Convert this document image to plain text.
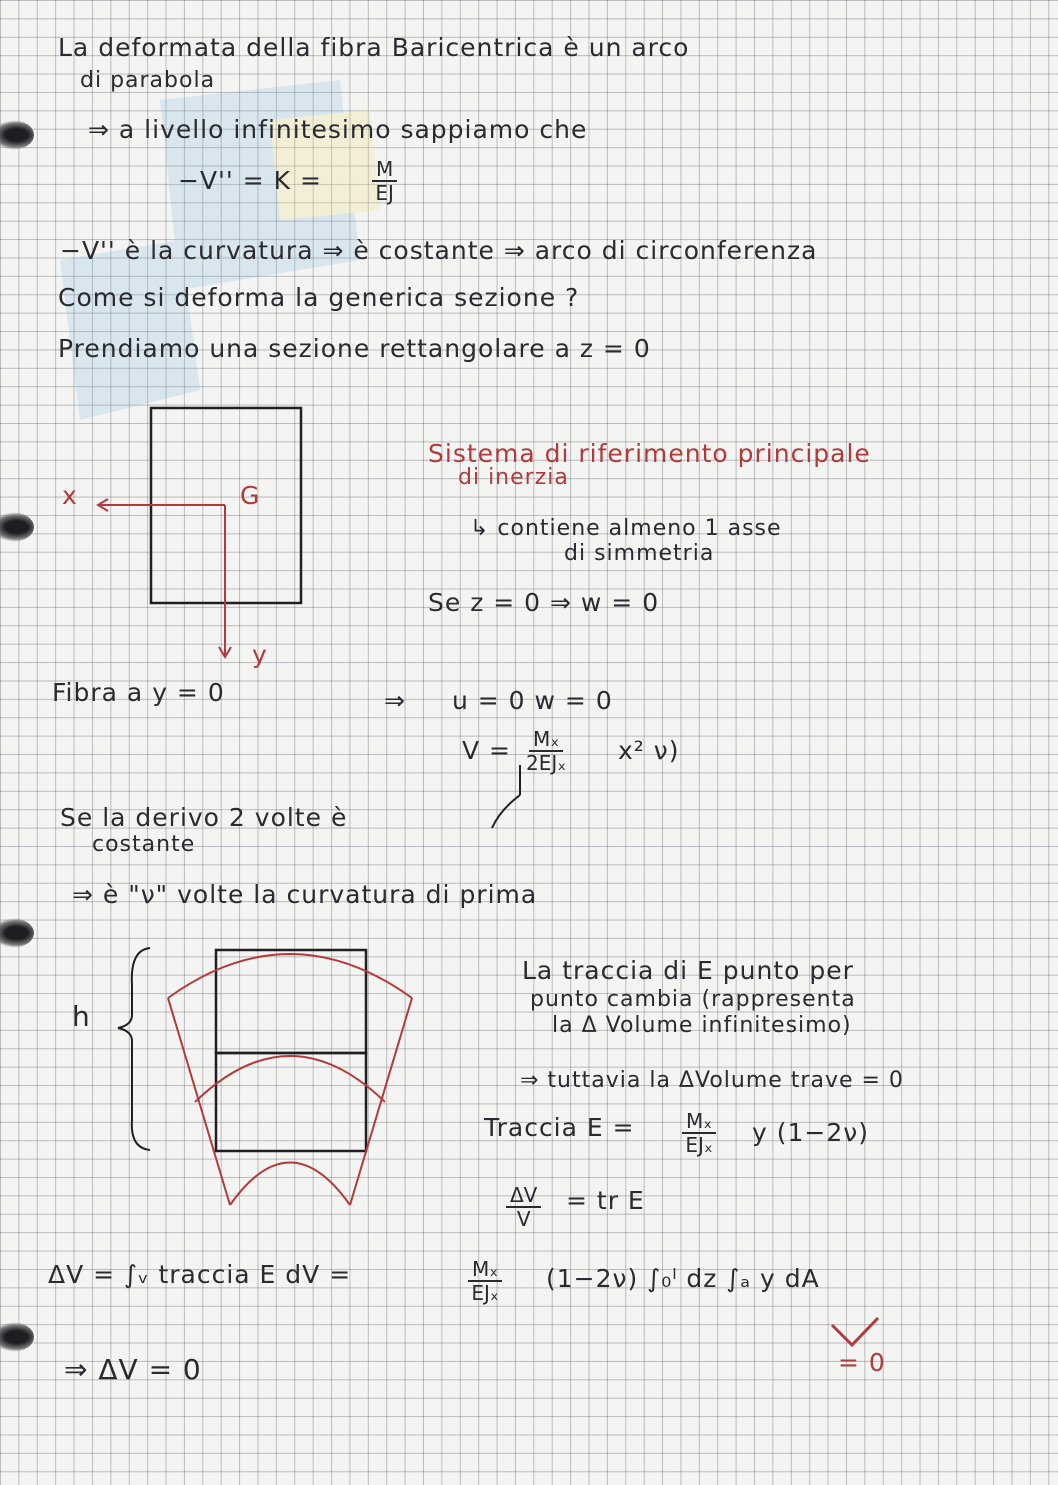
La deformata della fibra Baricentrica è un arco
di parabola
⇒ a livello infinitesimo sappiamo che
−V'' = K =	$\frac{M}{EJ}$
−V'' è la curvatura ⇒ è costante ⇒ arco di circonferenza
Come si deforma la generica sezione ?
Prendiamo una sezione rettangolare a z = 0
x	G
y
Sistema di riferimento principale
di inerzia
↳ contiene almeno 1 asse
di simmetria
Se z = 0 ⇒ w = 0
Fibra a y = 0	⇒ u = 0 w = 0
V = Mₓ
2EJₓ x² ν)
Se la derivo 2 volte è
costante
⇒ è "ν" volte la curvatura di prima
h
La traccia di E punto per
punto cambia (rappresenta
la Δ Volume infinitesimo)
⇒ tuttavia la ΔVolume trave = 0
Traccia E =	Mₓ
EJₓ y (1−2ν)
$\frac{\Delta V}{V}$ = tr E
ΔV = ∫ᵥ traccia E dV =	Mₓ
EJₓ (1−2ν) ∫₀ˡ dz ∫ₐ y dA
= 0
⇒ ΔV = 0
